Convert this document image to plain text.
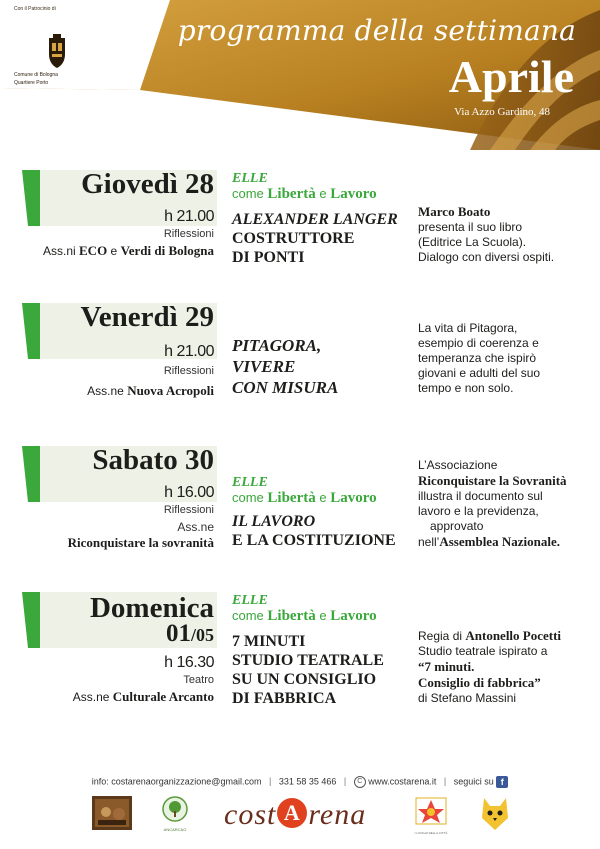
Con il Patrocinio di
Comune di Bologna
Quartiere Porto
programma della settimana
Aprile
Via Azzo Gardino, 48
Giovedì 28
h 21.00
Riflessioni
Ass.ni ECO e Verdi di Bologna
ELLE
come Libertà e Lavoro
ALEXANDER LANGER
COSTRUTTORE
DI PONTI
Marco Boato
presenta il suo libro
(Editrice La Scuola).
Dialogo con diversi ospiti.
Venerdì 29
h 21.00
Riflessioni
Ass.ne Nuova Acropoli
PITAGORA,
VIVERE
CON MISURA
La vita di Pitagora,
esempio di coerenza e
temperanza che ispirò
giovani e adulti del suo
tempo e non solo.
Sabato 30
h 16.00
Riflessioni
Ass.ne
Riconquistare la sovranità
ELLE
come Libertà e Lavoro
IL LAVORO
E LA COSTITUZIONE
L’Associazione
Riconquistare la Sovranità
illustra il documento sul
lavoro e la previdenza,
approvato
nell’Assemblea Nazionale.
Domenica
01/05
h 16.30
Teatro
Ass.ne Culturale Arcanto
ELLE
come Libertà e Lavoro
7 MINUTI
STUDIO TEATRALE
SU UN CONSIGLIO
DI FABBRICA
Regia di Antonello Pocetti
Studio teatrale ispirato a
“7 minuti.
Consiglio di fabbrica”
di Stefano Massini
info: costarenaorganizzazione@gmail.com | 331 58 35 466 | C www.costarena.it | seguici su f
ANCARCAO cost A rena
I LUOGHI DELLA CITTÀ
